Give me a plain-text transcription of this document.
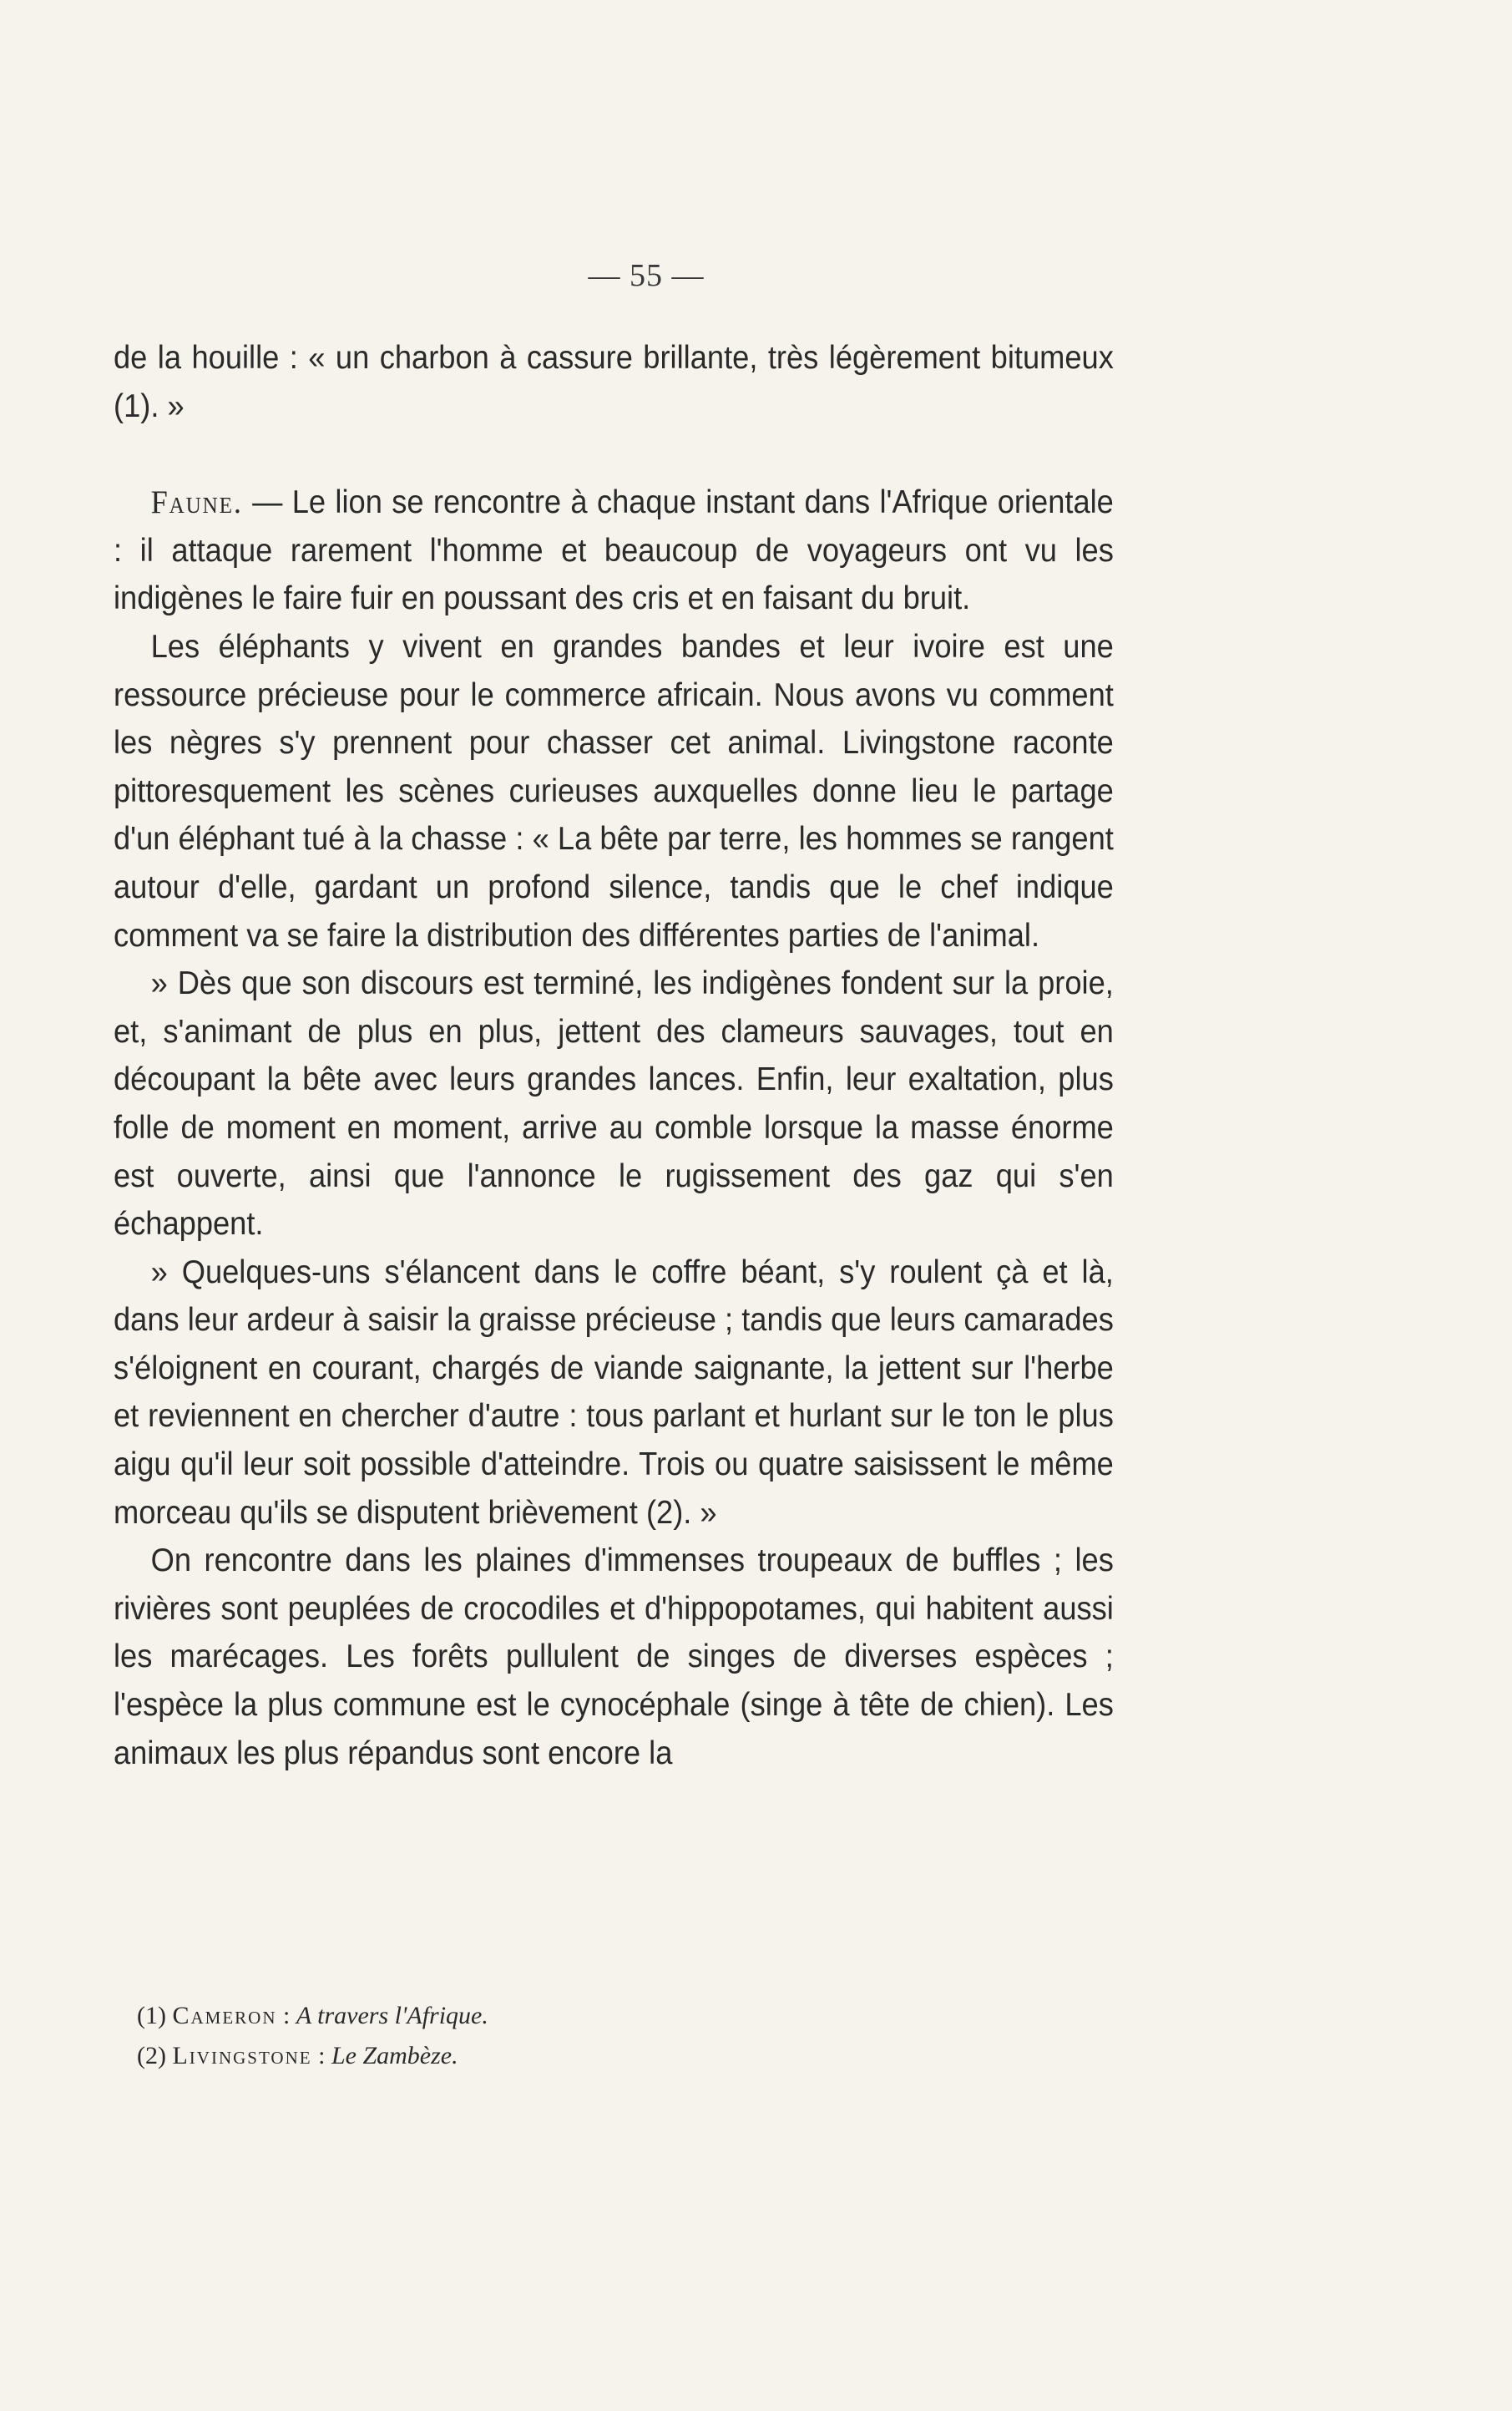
— 55 —

de la houille : « un charbon à cassure brillante, très légèrement bitumeux (1). »

Faune. — Le lion se rencontre à chaque instant dans l'Afrique orientale : il attaque rarement l'homme et beaucoup de voyageurs ont vu les indigènes le faire fuir en poussant des cris et en faisant du bruit.

Les éléphants y vivent en grandes bandes et leur ivoire est une ressource précieuse pour le commerce africain. Nous avons vu comment les nègres s'y prennent pour chasser cet animal. Livingstone raconte pittoresquement les scènes curieuses auxquelles donne lieu le partage d'un éléphant tué à la chasse : « La bête par terre, les hommes se rangent autour d'elle, gardant un profond silence, tandis que le chef indique comment va se faire la distribution des différentes parties de l'animal.

» Dès que son discours est terminé, les indigènes fondent sur la proie, et, s'animant de plus en plus, jettent des clameurs sauvages, tout en découpant la bête avec leurs grandes lances. Enfin, leur exaltation, plus folle de moment en moment, arrive au comble lorsque la masse énorme est ouverte, ainsi que l'annonce le rugissement des gaz qui s'en échappent.

» Quelques-uns s'élancent dans le coffre béant, s'y roulent çà et là, dans leur ardeur à saisir la graisse précieuse ; tandis que leurs camarades s'éloignent en courant, chargés de viande saignante, la jettent sur l'herbe et reviennent en chercher d'autre : tous parlant et hurlant sur le ton le plus aigu qu'il leur soit possible d'atteindre. Trois ou quatre saisissent le même morceau qu'ils se disputent brièvement (2). »

On rencontre dans les plaines d'immenses troupeaux de buffles ; les rivières sont peuplées de crocodiles et d'hippopotames, qui habitent aussi les marécages. Les forêts pullulent de singes de diverses espèces ; l'espèce la plus commune est le cynocéphale (singe à tête de chien). Les animaux les plus répandus sont encore la

(1) Cameron : A travers l'Afrique.

(2) Livingstone : Le Zambèze.
